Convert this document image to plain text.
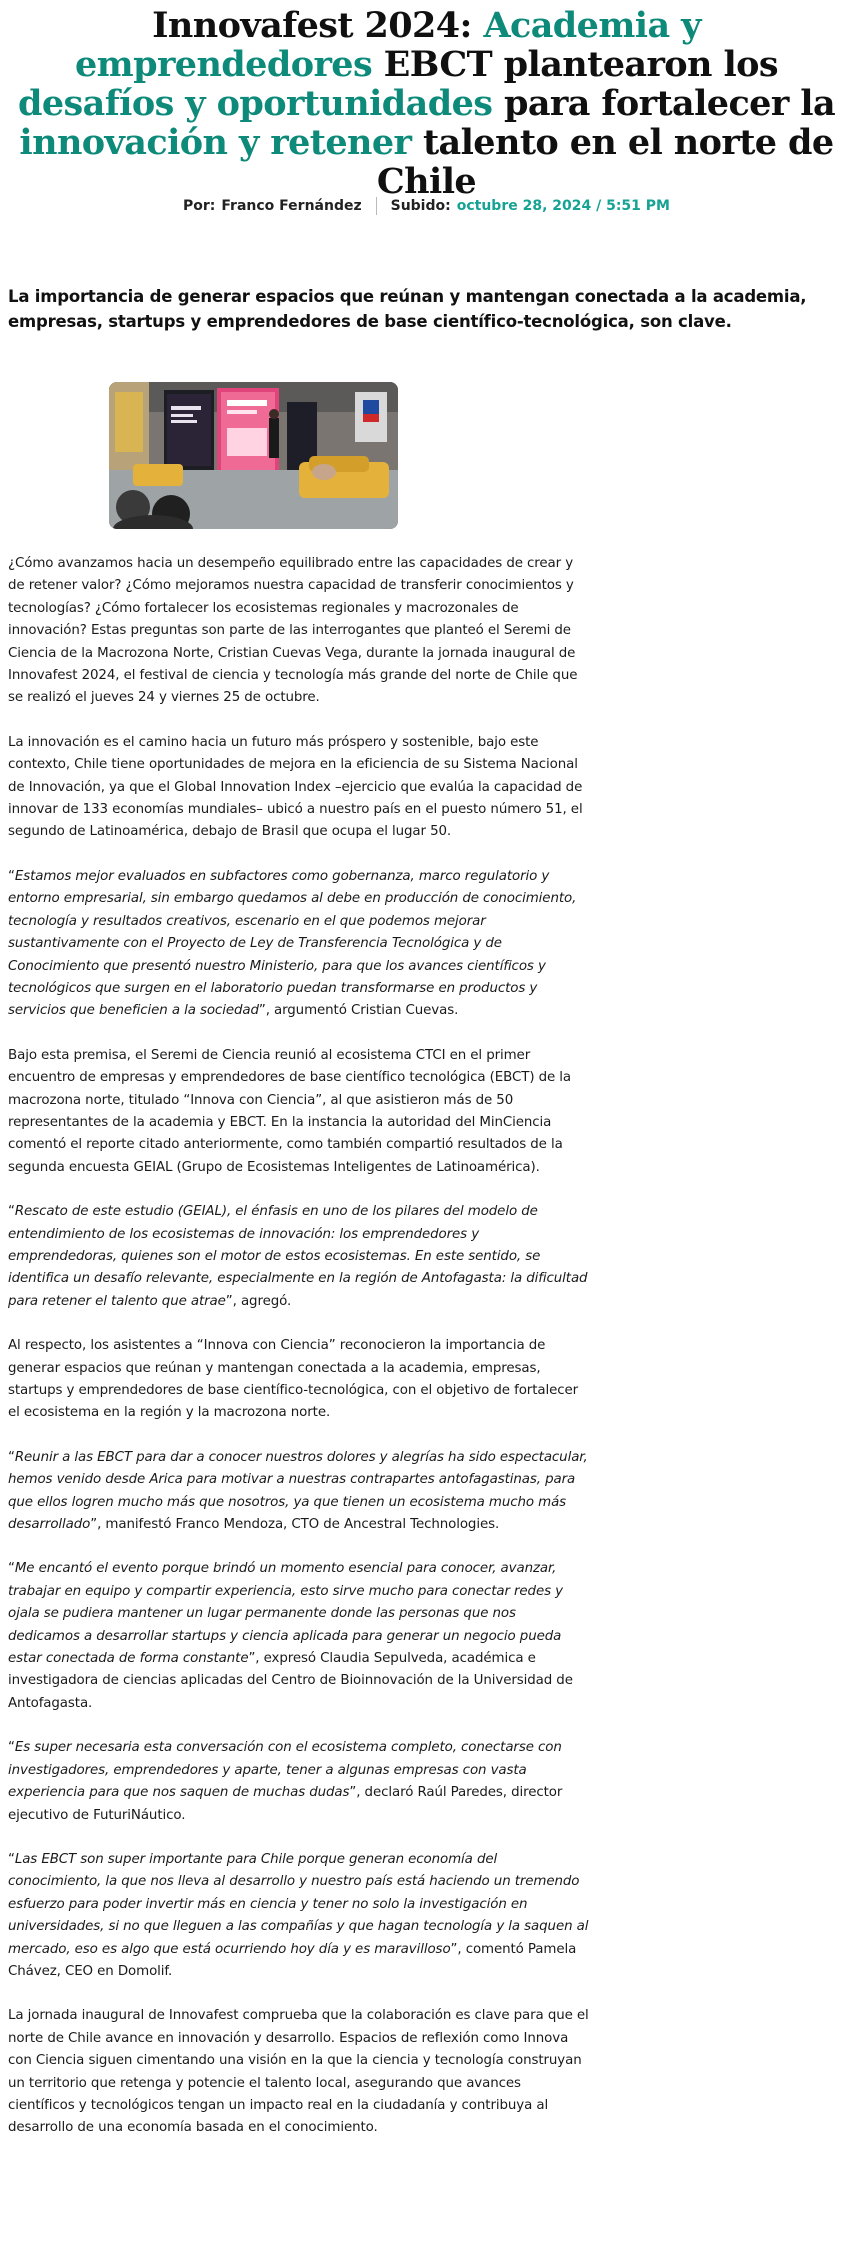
Innovafest 2024: Academia y emprendedores EBCT plantearon los desafíos y oportunidades para fortalecer la innovación y retener talento en el norte de Chile
Por: Franco Fernández Subido: octubre 28, 2024 / 5:51 PM

La importancia de generar espacios que reúnan y mantengan conectada a la academia, empresas, startups y emprendedores de base científico-tecnológica, son clave.

¿Cómo avanzamos hacia un desempeño equilibrado entre las capacidades de crear y de retener valor? ¿Cómo mejoramos nuestra capacidad de transferir conocimientos y tecnologías? ¿Cómo fortalecer los ecosistemas regionales y macrozonales de innovación? Estas preguntas son parte de las interrogantes que planteó el Seremi de Ciencia de la Macrozona Norte, Cristian Cuevas Vega, durante la jornada inaugural de Innovafest 2024, el festival de ciencia y tecnología más grande del norte de Chile que se realizó el jueves 24 y viernes 25 de octubre.

La innovación es el camino hacia un futuro más próspero y sostenible, bajo este contexto, Chile tiene oportunidades de mejora en la eficiencia de su Sistema Nacional de Innovación, ya que el Global Innovation Index –ejercicio que evalúa la capacidad de innovar de 133 economías mundiales– ubicó a nuestro país en el puesto número 51, el segundo de Latinoamérica, debajo de Brasil que ocupa el lugar 50.

“Estamos mejor evaluados en subfactores como gobernanza, marco regulatorio y entorno empresarial, sin embargo quedamos al debe en producción de conocimiento, tecnología y resultados creativos, escenario en el que podemos mejorar sustantivamente con el Proyecto de Ley de Transferencia Tecnológica y de Conocimiento que presentó nuestro Ministerio, para que los avances científicos y tecnológicos que surgen en el laboratorio puedan transformarse en productos y servicios que beneficien a la sociedad”, argumentó Cristian Cuevas.

Bajo esta premisa, el Seremi de Ciencia reunió al ecosistema CTCI en el primer encuentro de empresas y emprendedores de base científico tecnológica (EBCT) de la macrozona norte, titulado “Innova con Ciencia”, al que asistieron más de 50 representantes de la academia y EBCT. En la instancia la autoridad del MinCiencia comentó el reporte citado anteriormente, como también compartió resultados de la segunda encuesta GEIAL (Grupo de Ecosistemas Inteligentes de Latinoamérica).

“Rescato de este estudio (GEIAL), el énfasis en uno de los pilares del modelo de entendimiento de los ecosistemas de innovación: los emprendedores y emprendedoras, quienes son el motor de estos ecosistemas. En este sentido, se identifica un desafío relevante, especialmente en la región de Antofagasta: la dificultad para retener el talento que atrae”, agregó.

Al respecto, los asistentes a “Innova con Ciencia” reconocieron la importancia de generar espacios que reúnan y mantengan conectada a la academia, empresas, startups y emprendedores de base científico-tecnológica, con el objetivo de fortalecer el ecosistema en la región y la macrozona norte.

“Reunir a las EBCT para dar a conocer nuestros dolores y alegrías ha sido espectacular, hemos venido desde Arica para motivar a nuestras contrapartes antofagastinas, para que ellos logren mucho más que nosotros, ya que tienen un ecosistema mucho más desarrollado”, manifestó Franco Mendoza, CTO de Ancestral Technologies.

“Me encantó el evento porque brindó un momento esencial para conocer, avanzar, trabajar en equipo y compartir experiencia, esto sirve mucho para conectar redes y ojala se pudiera mantener un lugar permanente donde las personas que nos dedicamos a desarrollar startups y ciencia aplicada para generar un negocio pueda estar conectada de forma constante”, expresó Claudia Sepulveda, académica e investigadora de ciencias aplicadas del Centro de Bioinnovación de la Universidad de Antofagasta.

“Es super necesaria esta conversación con el ecosistema completo, conectarse con investigadores, emprendedores y aparte, tener a algunas empresas con vasta experiencia para que nos saquen de muchas dudas”, declaró Raúl Paredes, director ejecutivo de FuturiNáutico.

“Las EBCT son super importante para Chile porque generan economía del conocimiento, la que nos lleva al desarrollo y nuestro país está haciendo un tremendo esfuerzo para poder invertir más en ciencia y tener no solo la investigación en universidades, si no que lleguen a las compañías y que hagan tecnología y la saquen al mercado, eso es algo que está ocurriendo hoy día y es maravilloso”, comentó Pamela Chávez, CEO en Domolif.

La jornada inaugural de Innovafest comprueba que la colaboración es clave para que el norte de Chile avance en innovación y desarrollo. Espacios de reflexión como Innova con Ciencia siguen cimentando una visión en la que la ciencia y tecnología construyan un territorio que retenga y potencie el talento local, asegurando que avances científicos y tecnológicos tengan un impacto real en la ciudadanía y contribuya al desarrollo de una economía basada en el conocimiento.
